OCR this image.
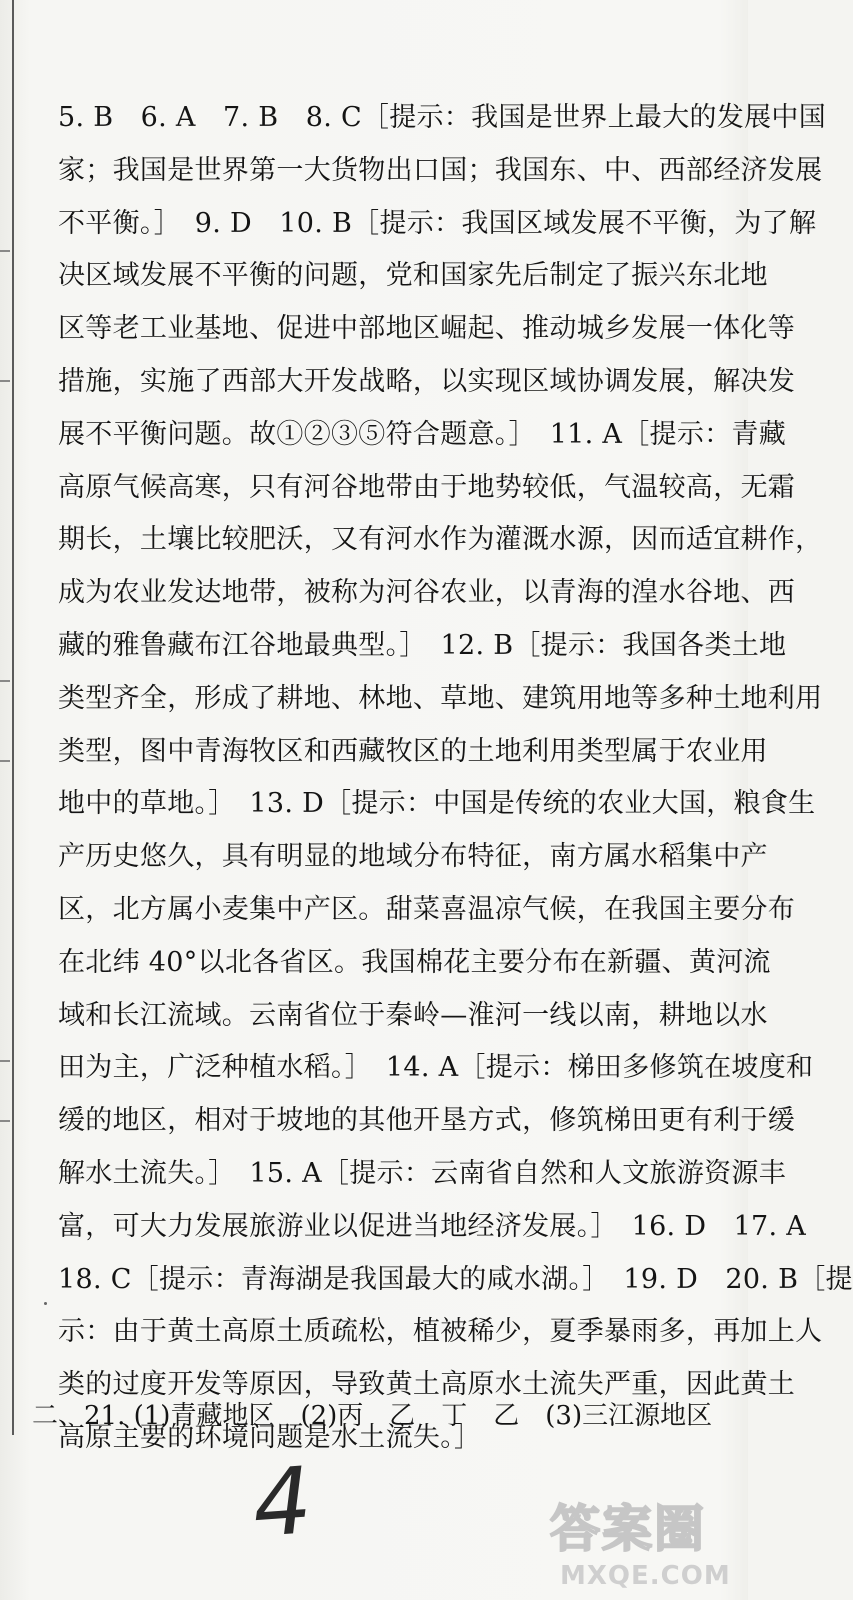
5. B　6. A　7. B　8. C［提示：我国是世界上最大的发展中国
家；我国是世界第一大货物出口国；我国东、中、西部经济发展
不平衡。］　9. D　10. B［提示：我国区域发展不平衡，为了解
决区域发展不平衡的问题，党和国家先后制定了振兴东北地
区等老工业基地、促进中部地区崛起、推动城乡发展一体化等
措施，实施了西部大开发战略，以实现区域协调发展，解决发
展不平衡问题。故①②③⑤符合题意。］　11. A［提示：青藏
高原气候高寒，只有河谷地带由于地势较低，气温较高，无霜
期长，土壤比较肥沃，又有河水作为灌溉水源，因而适宜耕作，
成为农业发达地带，被称为河谷农业，以青海的湟水谷地、西
藏的雅鲁藏布江谷地最典型。］　12. B［提示：我国各类土地
类型齐全，形成了耕地、林地、草地、建筑用地等多种土地利用
类型，图中青海牧区和西藏牧区的土地利用类型属于农业用
地中的草地。］　13. D［提示：中国是传统的农业大国，粮食生
产历史悠久，具有明显的地域分布特征，南方属水稻集中产
区，北方属小麦集中产区。甜菜喜温凉气候，在我国主要分布
在北纬 40°以北各省区。我国棉花主要分布在新疆、黄河流
域和长江流域。云南省位于秦岭—淮河一线以南，耕地以水
田为主，广泛种植水稻。］　14. A［提示：梯田多修筑在坡度和
缓的地区，相对于坡地的其他开垦方式，修筑梯田更有利于缓
解水土流失。］　15. A［提示：云南省自然和人文旅游资源丰
富，可大力发展旅游业以促进当地经济发展。］　16. D　17. A
18. C［提示：青海湖是我国最大的咸水湖。］　19. D　20. B［提
示：由于黄土高原土质疏松，植被稀少，夏季暴雨多，再加上人
类的过度开发等原因，导致黄土高原水土流失严重，因此黄土
高原主要的环境问题是水土流失。］
二、21. (1)青藏地区　(2)丙　乙　丁　乙　(3)三江源地区
4	答案圈
MXQE.COM
